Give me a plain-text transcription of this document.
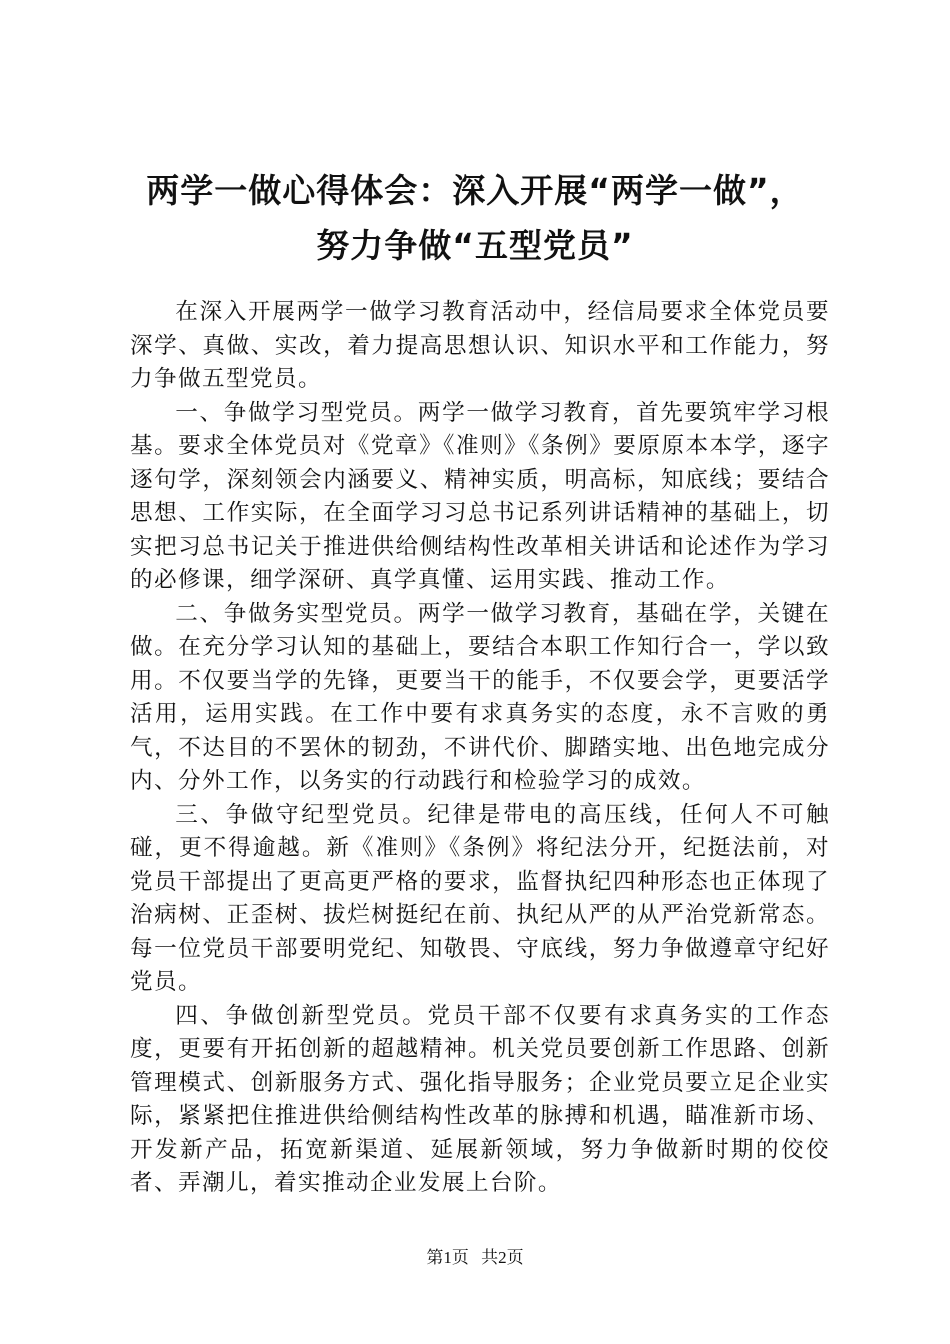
两学一做心得体会：深入开展“两学一做”，
努力争做“五型党员”

在深入开展两学一做学习教育活动中，经信局要求全体党员要深学、真做、实改，着力提高思想认识、知识水平和工作能力，努力争做五型党员。

一、争做学习型党员。两学一做学习教育，首先要筑牢学习根基。要求全体党员对《党章》《准则》《条例》要原原本本学，逐字逐句学，深刻领会内涵要义、精神实质，明高标，知底线；要结合思想、工作实际，在全面学习习总书记系列讲话精神的基础上，切实把习总书记关于推进供给侧结构性改革相关讲话和论述作为学习的必修课，细学深研、真学真懂、运用实践、推动工作。

二、争做务实型党员。两学一做学习教育，基础在学，关键在做。在充分学习认知的基础上，要结合本职工作知行合一，学以致用。不仅要当学的先锋，更要当干的能手，不仅要会学，更要活学活用，运用实践。在工作中要有求真务实的态度，永不言败的勇气，不达目的不罢休的韧劲，不讲代价、脚踏实地、出色地完成分内、分外工作，以务实的行动践行和检验学习的成效。

三、争做守纪型党员。纪律是带电的高压线，任何人不可触碰，更不得逾越。新《准则》《条例》将纪法分开，纪挺法前，对党员干部提出了更高更严格的要求，监督执纪四种形态也正体现了治病树、正歪树、拔烂树挺纪在前、执纪从严的从严治党新常态。每一位党员干部要明党纪、知敬畏、守底线，努力争做遵章守纪好党员。

四、争做创新型党员。党员干部不仅要有求真务实的工作态度，更要有开拓创新的超越精神。机关党员要创新工作思路、创新管理模式、创新服务方式、强化指导服务；企业党员要立足企业实际，紧紧把住推进供给侧结构性改革的脉搏和机遇，瞄准新市场、开发新产品，拓宽新渠道、延展新领域，努力争做新时期的佼佼者、弄潮儿，着实推动企业发展上台阶。

第1页 共2页
